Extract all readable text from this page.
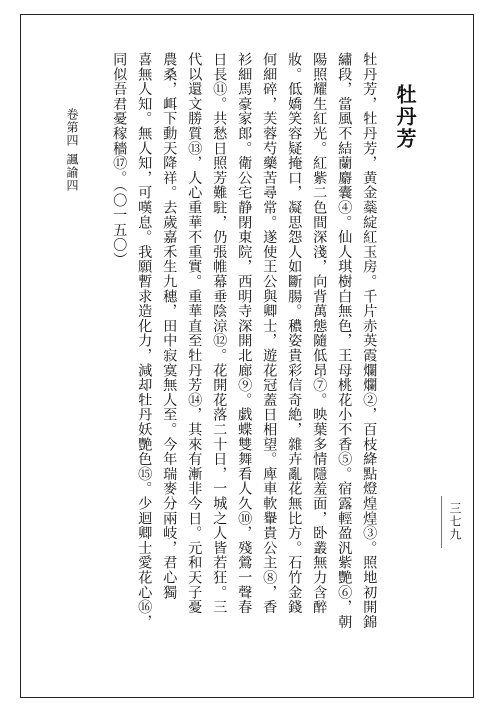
牡丹芳
牡丹芳，牡丹芳，黄金蘂綻紅玉房。千片赤英霞爛爛②，百枝絳點燈煌煌③。照地初開錦
繡段，當風不結蘭麝囊④。仙人琪樹白無色，王母桃花小不香⑤。宿露輕盈汎紫艷⑥，朝
陽照耀生紅光。紅紫二色間深淺，向背萬態隨低昂⑦。映葉多情隱羞面，卧叢無力含醉
妝。低嬌笑容疑掩口，凝思怨人如斷腸。穠姿貴彩信奇絶，雜卉亂花無比方。石竹金錢
何細碎，芙蓉芍藥苦尋常。遂使王公與卿士，遊花冠蓋日相望。庳車軟轝貴公主⑧，香
衫細馬豪家郎。衛公宅静閉東院，西明寺深開北廊⑨。戯蝶雙舞看人久⑩，殘鶯一聲春
日長⑪。共愁日照芳難駐，仍張帷幕垂陰涼⑫。花開花落二十日，一城之人皆若狂。三
代以還文勝質⑬，人心重華不重實。重華直至牡丹芳⑭，其來有漸非今日。元和天子憂
農桑，衈下動天降祥。去歲嘉禾生九穗，田中寂寞無人至。今年瑞麥分兩岐，君心獨
喜無人知。無人知，可嘆息。我願暫求造化力，減却牡丹妖艷色⑮。少迴卿士愛花心⑯，
同似吾君憂稼穡⑰。（〇一五〇）
卷第四諷諭四
三七九
